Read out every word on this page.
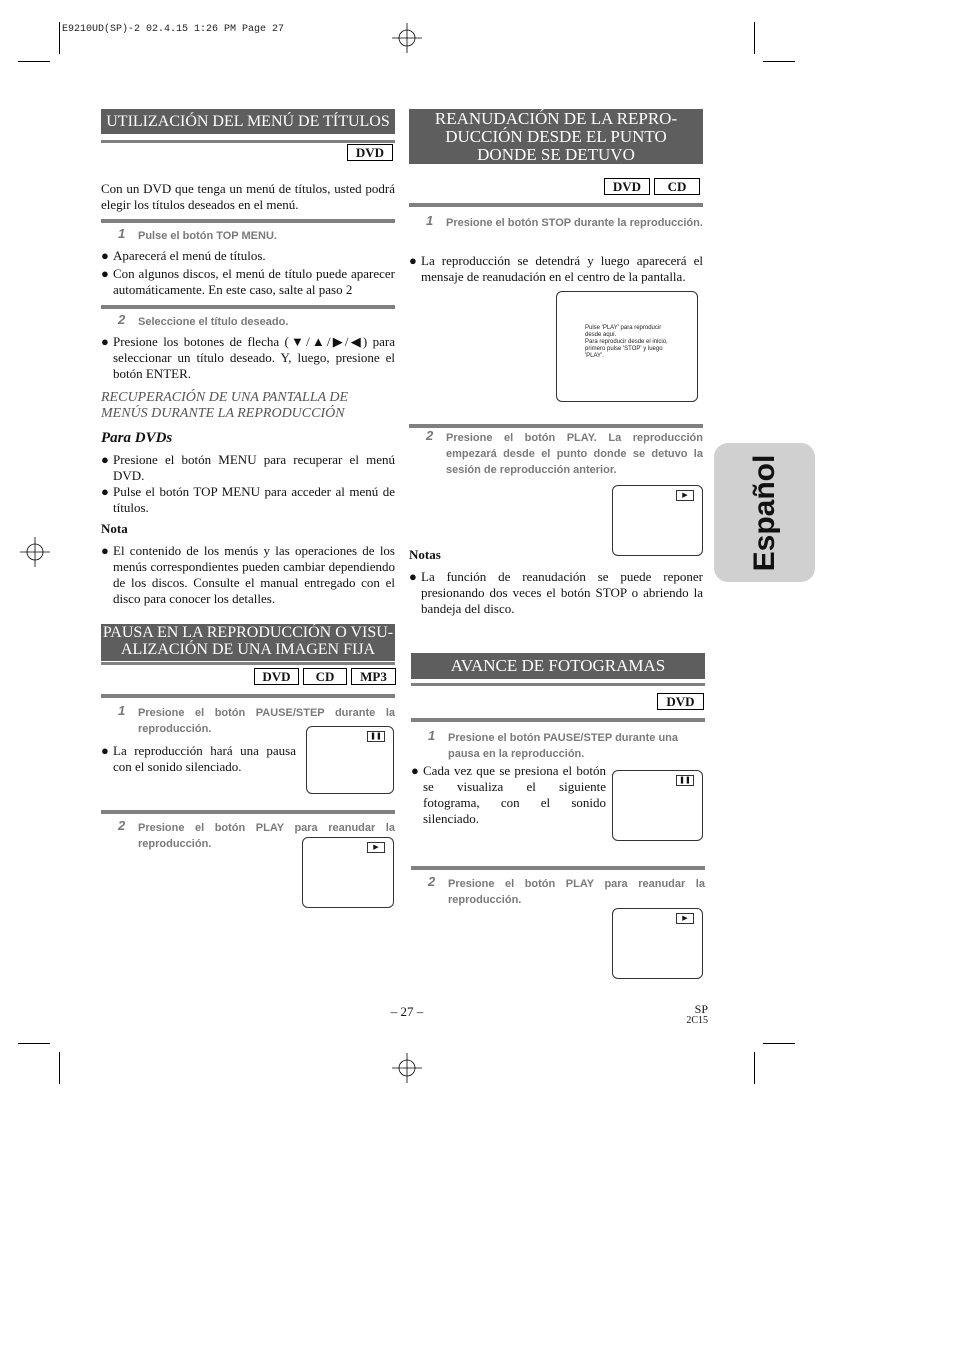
E9210UD(SP)-2 02.4.15 1:26 PM Page 27
Español
UTILIZACIÓN DEL MENÚ DE TÍTULOS
DVD
Con un DVD que tenga un menú de títulos, usted podrá elegir los títulos deseados en el menú.
1 Pulse el botón TOP MENU.
● Aparecerá el menú de títulos.
● Con algunos discos, el menú de título puede aparecer automáticamente. En este caso, salte al paso 2
2 Seleccione el título deseado.
● Presione los botones de flecha (▼/▲/▶/◀) para seleccionar un título deseado. Y, luego, presione el botón ENTER.
RECUPERACIÓN DE UNA PANTALLA DE MENÚS DURANTE LA REPRODUCCIÓN
Para DVDs
● Presione el botón MENU para recuperar el menú DVD.
● Pulse el botón TOP MENU para acceder al menú de títulos.
Nota
● El contenido de los menús y las operaciones de los menús correspondientes pueden cambiar dependiendo de los discos. Consulte el manual entregado con el disco para conocer los detalles.
PAUSA EN LA REPRODUCCIÓN O VISU-
ALIZACIÓN DE UNA IMAGEN FIJA
DVD	CD	MP3
1 Presione el botón PAUSE/STEP durante la reproducción.
● La reproducción hará una pausa con el sonido silenciado.
❚❚
2 Presione el botón PLAY para reanudar la reproducción.	▶
REANUDACIÓN DE LA REPRO-
DUCCIÓN DESDE EL PUNTO
DONDE SE DETUVO
DVD	CD
1 Presione el botón STOP durante la reproducción.
● La reproducción se detendrá y luego aparecerá el mensaje de reanudación en el centro de la pantalla.
Pulse 'PLAY' para reproducir
desde aquí.
Para reproducir desde el inicio,
primero pulse 'STOP' y luego
'PLAY'.
2 Presione el botón PLAY. La reproducción empezará desde el punto donde se detuvo la sesión de reproducción anterior.
▶
Notas
● La función de reanudación se puede reponer presionando dos veces el botón STOP o abriendo la bandeja del disco.
AVANCE DE FOTOGRAMAS
DVD
1 Presione el botón PAUSE/STEP durante una pausa en la reproducción.
● Cada vez que se presiona el botón se visualiza el siguiente fotograma, con el sonido silenciado.
❚❚
2 Presione el botón PLAY para reanudar la reproducción.
▶
– 27 –	SP
2C15
